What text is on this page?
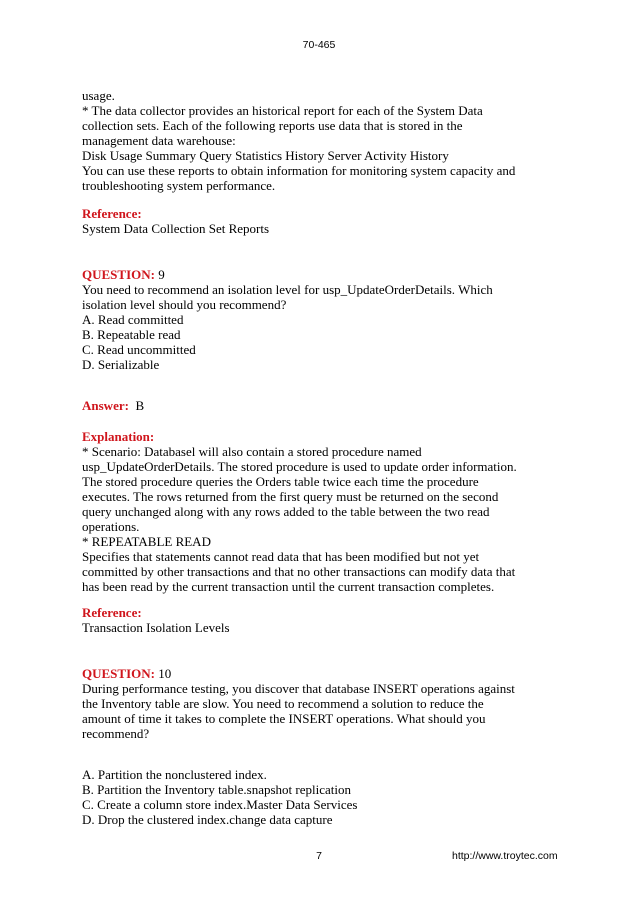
70-465
usage.
* The data collector provides an historical report for each of the System Data
collection sets. Each of the following reports use data that is stored in the
management data warehouse:
Disk Usage Summary Query Statistics History Server Activity History
You can use these reports to obtain information for monitoring system capacity and
troubleshooting system performance.
Reference:
System Data Collection Set Reports
QUESTION: 9
You need to recommend an isolation level for usp_UpdateOrderDetails. Which
isolation level should you recommend?
A. Read committed
B. Repeatable read
C. Read uncommitted
D. Serializable
Answer: B
Explanation:
* Scenario: Databasel will also contain a stored procedure named
usp_UpdateOrderDetails. The stored procedure is used to update order information.
The stored procedure queries the Orders table twice each time the procedure
executes. The rows returned from the first query must be returned on the second
query unchanged along with any rows added to the table between the two read
operations.
* REPEATABLE READ
Specifies that statements cannot read data that has been modified but not yet
committed by other transactions and that no other transactions can modify data that
has been read by the current transaction until the current transaction completes.
Reference:
Transaction Isolation Levels
QUESTION: 10
During performance testing, you discover that database INSERT operations against
the Inventory table are slow. You need to recommend a solution to reduce the
amount of time it takes to complete the INSERT operations. What should you
recommend?
A. Partition the nonclustered index.
B. Partition the Inventory table.snapshot replication
C. Create a column store index.Master Data Services
D. Drop the clustered index.change data capture
7	http://www.troytec.com
